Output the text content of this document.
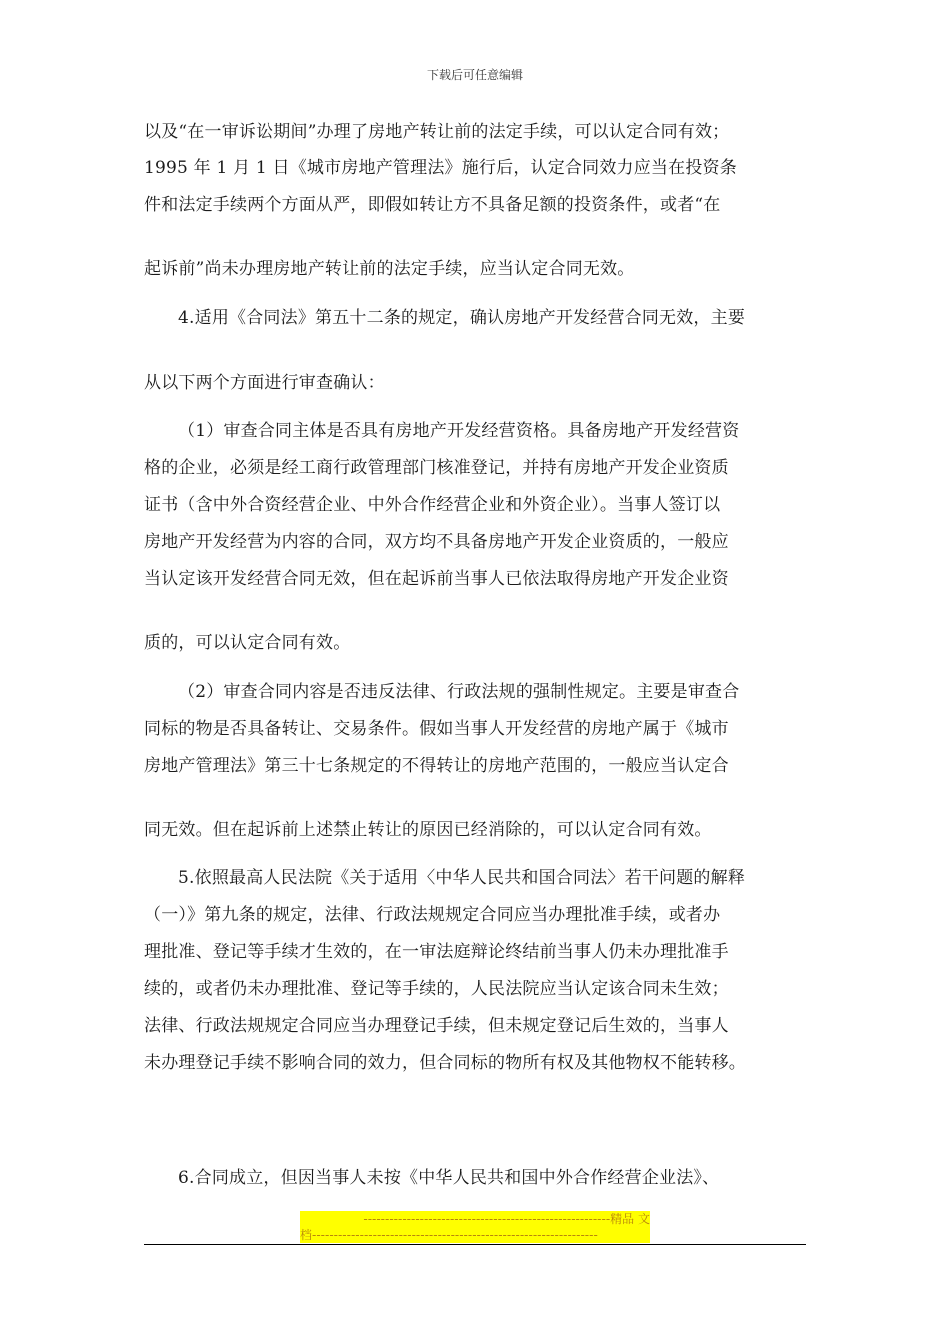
下载后可任意编辑
以及“在一审诉讼期间”办理了房地产转让前的法定手续，可以认定合同有效；
1995 年 1 月 1 日《城市房地产管理法》施行后，认定合同效力应当在投资条
件和法定手续两个方面从严，即假如转让方不具备足额的投资条件，或者“在
起诉前”尚未办理房地产转让前的法定手续，应当认定合同无效。
4.适用《合同法》第五十二条的规定，确认房地产开发经营合同无效，主要
从以下两个方面进行审查确认：
（1）审查合同主体是否具有房地产开发经营资格。具备房地产开发经营资
格的企业，必须是经工商行政管理部门核准登记，并持有房地产开发企业资质
证书（含中外合资经营企业、中外合作经营企业和外资企业）。当事人签订以
房地产开发经营为内容的合同，双方均不具备房地产开发企业资质的，一般应
当认定该开发经营合同无效，但在起诉前当事人已依法取得房地产开发企业资
质的，可以认定合同有效。
（2）审查合同内容是否违反法律、行政法规的强制性规定。主要是审查合
同标的物是否具备转让、交易条件。假如当事人开发经营的房地产属于《城市
房地产管理法》第三十七条规定的不得转让的房地产范围的，一般应当认定合
同无效。但在起诉前上述禁止转让的原因已经消除的，可以认定合同有效。
5.依照最高人民法院《关于适用〈中华人民共和国合同法〉若干问题的解释
（一）》第九条的规定，法律、行政法规规定合同应当办理批准手续，或者办
理批准、登记等手续才生效的，在一审法庭辩论终结前当事人仍未办理批准手
续的，或者仍未办理批准、登记等手续的，人民法院应当认定该合同未生效；
法律、行政法规规定合同应当办理登记手续，但未规定登记后生效的，当事人
未办理登记手续不影响合同的效力，但合同标的物所有权及其他物权不能转移。
6.合同成立，但因当事人未按《中华人民共和国中外合作经营企业法》、
---------------------------------------------------------精品 文
档------------------------------------------------------------------
